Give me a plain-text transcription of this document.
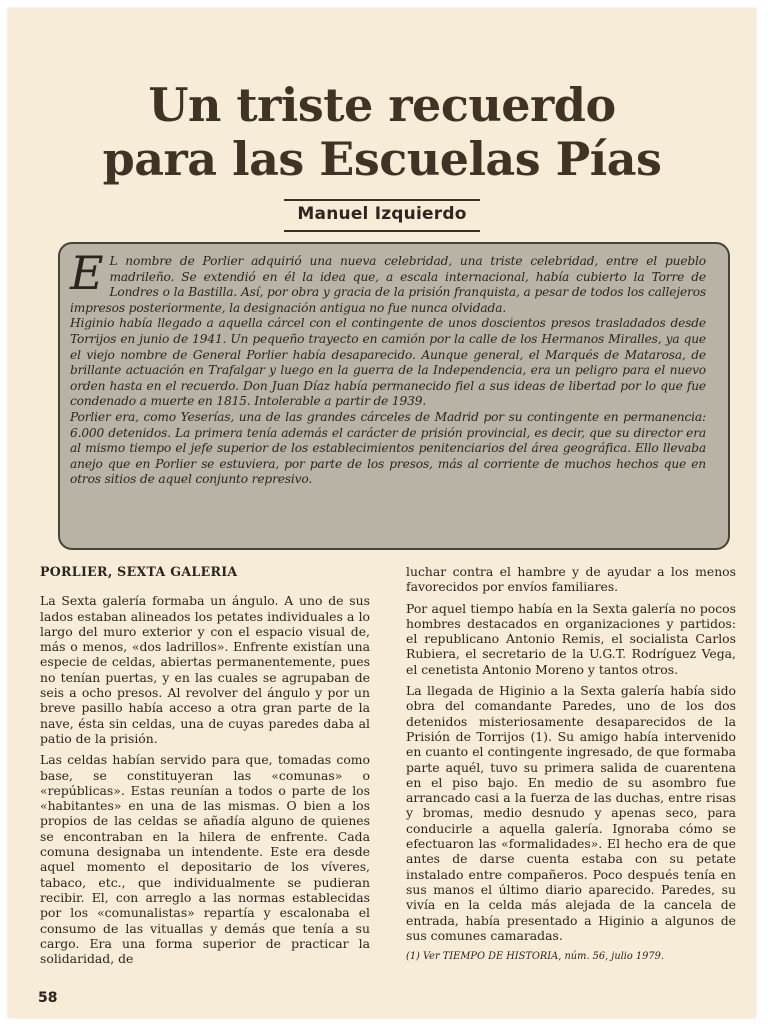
Un triste recuerdo
para las Escuelas Pías
Manuel Izquierdo

E L nombre de Porlier adquirió una nueva celebridad, una triste celebridad, entre el pueblo madrileño. Se extendió en él la idea que, a escala internacional, había cubierto la Torre de Londres o la Bastilla. Así, por obra y gracia de la prisión franquista, a pesar de todos los callejeros impresos posteriormente, la designación antigua no fue nunca olvidada.

Higinio había llegado a aquella cárcel con el contingente de unos doscientos presos trasladados desde Torrijos en junio de 1941. Un pequeño trayecto en camión por la calle de los Hermanos Miralles, ya que el viejo nombre de General Porlier había desaparecido. Aunque general, el Marqués de Matarosa, de brillante actuación en Trafalgar y luego en la guerra de la Independencia, era un peligro para el nuevo orden hasta en el recuerdo. Don Juan Díaz había permanecido fiel a sus ideas de libertad por lo que fue condenado a muerte en 1815. Intolerable a partir de 1939.

Porlier era, como Yeserías, una de las grandes cárceles de Madrid por su contingente en permanencia: 6.000 detenidos. La primera tenía además el carácter de prisión provincial, es decir, que su director era al mismo tiempo el jefe superior de los establecimientos penitenciarios del área geográfica. Ello llevaba anejo que en Porlier se estuviera, por parte de los presos, más al corriente de muchos hechos que en otros sitios de aquel conjunto represivo.

PORLIER, SEXTA GALERIA

La Sexta galería formaba un ángulo. A uno de sus lados estaban alineados los petates individuales a lo largo del muro exterior y con el espacio visual de, más o menos, «dos ladrillos». Enfrente existían una especie de celdas, abiertas permanentemente, pues no tenían puertas, y en las cuales se agrupaban de seis a ocho presos. Al revolver del ángulo y por un breve pasillo había acceso a otra gran parte de la nave, ésta sin celdas, una de cuyas paredes daba al patio de la prisión.

Las celdas habían servido para que, tomadas como base, se constituyeran las «comunas» o «repúblicas». Estas reunían a todos o parte de los «habitantes» en una de las mismas. O bien a los propios de las celdas se añadía alguno de quienes se encontraban en la hilera de enfrente. Cada comuna designaba un intendente. Este era desde aquel momento el depositario de los víveres, tabaco, etc., que individualmente se pudieran recibir. El, con arreglo a las normas establecidas por los «comunalistas» repartía y escalonaba el consumo de las vituallas y demás que tenía a su cargo. Era una forma superior de practicar la solidaridad, de

luchar contra el hambre y de ayudar a los menos favorecidos por envíos familiares.

Por aquel tiempo había en la Sexta galería no pocos hombres destacados en organizaciones y partidos: el republicano Antonio Remis, el socialista Carlos Rubiera, el secretario de la U.G.T. Rodríguez Vega, el cenetista Antonio Moreno y tantos otros.

La llegada de Higinio a la Sexta galería había sido obra del comandante Paredes, uno de los dos detenidos misteriosamente desaparecidos de la Prisión de Torrijos (1). Su amigo había intervenido en cuanto el contingente ingresado, de que formaba parte aquél, tuvo su primera salida de cuarentena en el piso bajo. En medio de su asombro fue arrancado casi a la fuerza de las duchas, entre risas y bromas, medio desnudo y apenas seco, para conducirle a aquella galería. Ignoraba cómo se efectuaron las «formalidades». El hecho era de que antes de darse cuenta estaba con su petate instalado entre compañeros. Poco después tenía en sus manos el último diario aparecido. Paredes, su vivía en la celda más alejada de la cancela de entrada, había presentado a Higinio a algunos de sus comunes camaradas.

(1) Ver TIEMPO DE HISTORIA, núm. 56, julio 1979.
58
